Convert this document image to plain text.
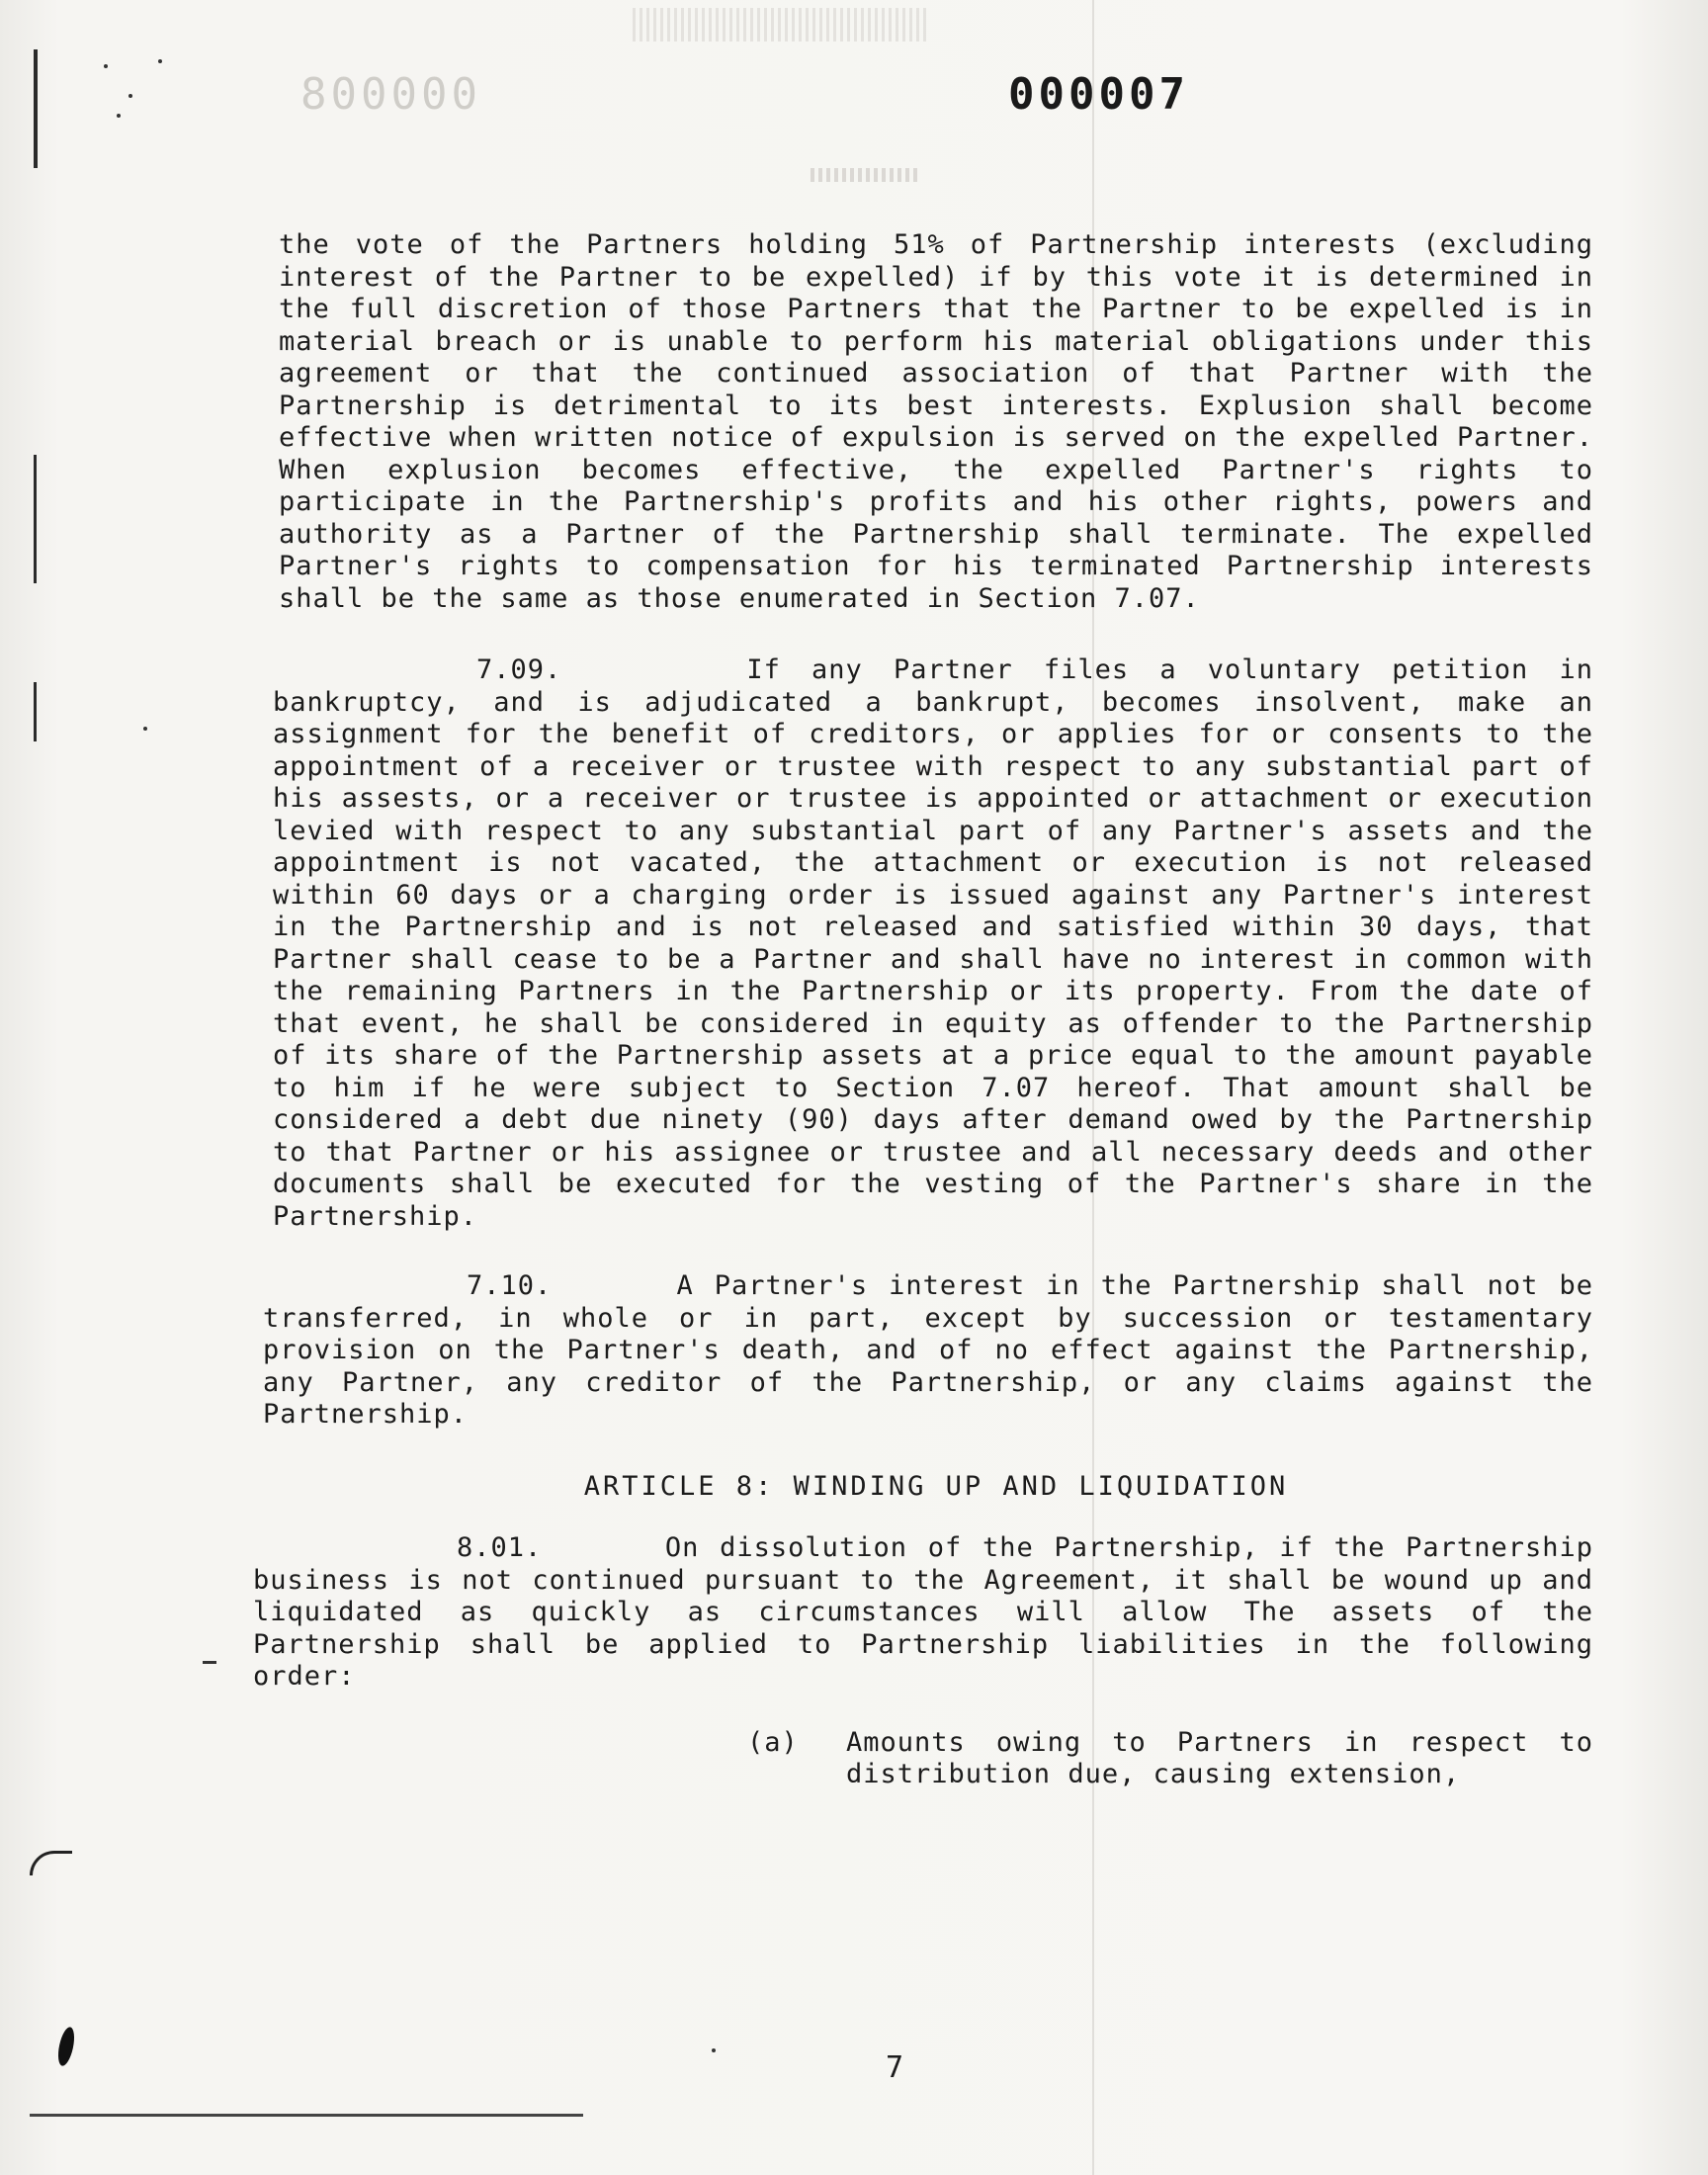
000008	000007

the vote of the Partners holding 51% of Partnership interests (excluding interest of the Partner to be expelled) if by this vote it is determined in the full discretion of those Partners that the Partner to be expelled is in material breach or is unable to perform his material obligations under this agreement or that the continued association of that Partner with the Partnership is detrimental to its best interests. Explusion shall become effective when written notice of expulsion is served on the expelled Partner. When explusion becomes effective, the expelled Partner's rights to participate in the Partnership's profits and his other rights, powers and authority as a Partner of the Partnership shall terminate. The expelled Partner's rights to compensation for his terminated Partnership interests shall be the same as those enumerated in Section 7.07.

7.09.	If any Partner files a voluntary petition in bankruptcy, and is adjudicated a bankrupt, becomes insolvent, make an assignment for the benefit of creditors, or applies for or consents to the appointment of a receiver or trustee with respect to any substantial part of his assests, or a receiver or trustee is appointed or attachment or execution levied with respect to any substantial part of any Partner's assets and the appointment is not vacated, the attachment or execution is not released within 60 days or a charging order is issued against any Partner's interest in the Partnership and is not released and satisfied within 30 days, that Partner shall cease to be a Partner and shall have no interest in common with the remaining Partners in the Partnership or its property. From the date of that event, he shall be considered in equity as offender to the Partnership of its share of the Partnership assets at a price equal to the amount payable to him if he were subject to Section 7.07 hereof. That amount shall be considered a debt due ninety (90) days after demand owed by the Partnership to that Partner or his assignee or trustee and all necessary deeds and other documents shall be executed for the vesting of the Partner's share in the Partnership.

7.10.	A Partner's interest in the Partnership shall not be transferred, in whole or in part, except by succession or testamentary provision on the Partner's death, and of no effect against the Partnership, any Partner, any creditor of the Partnership, or any claims against the Partnership.

ARTICLE 8: WINDING UP AND LIQUIDATION

8.01.	On dissolution of the Partnership, if the Partnership business is not continued pursuant to the Agreement, it shall be wound up and liquidated as quickly as circumstances will allow The assets of the Partnership shall be applied to Partnership liabilities in the following order:

(a)	Amounts owing to Partners in respect to distribution due, causing extension,
7
